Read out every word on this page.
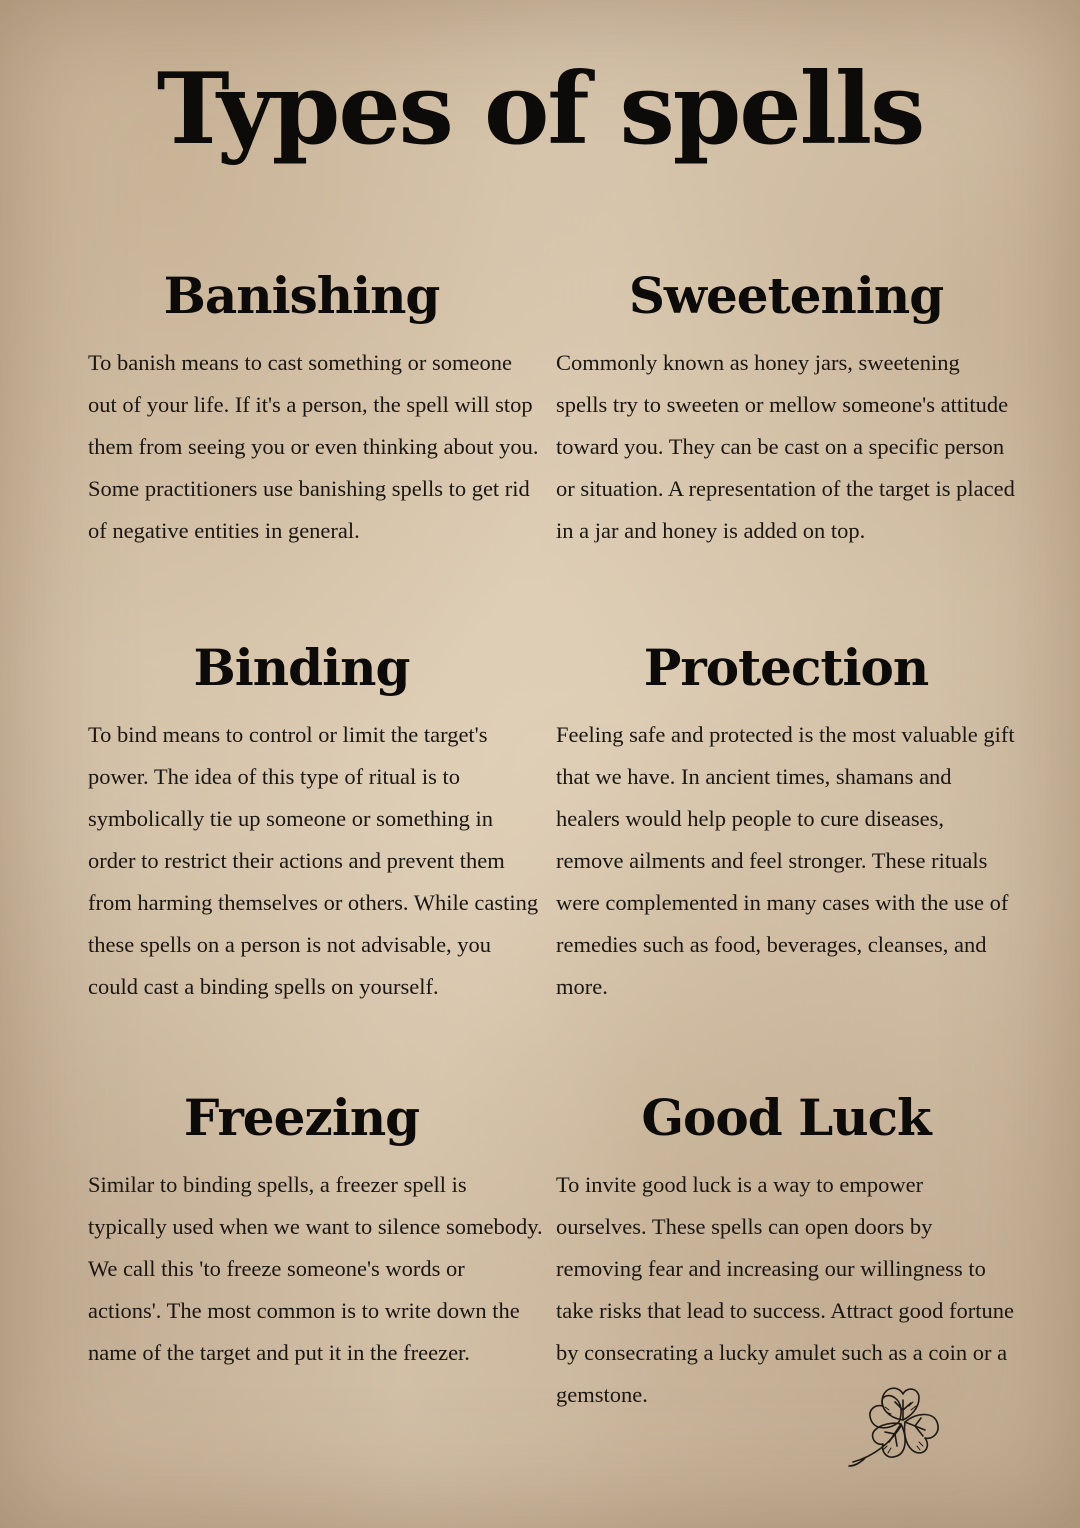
Types of spells
Banishing

To banish means to cast something or someone out of your life. If it's a person, the spell will stop them from seeing you or even thinking about you. Some practitioners use banishing spells to get rid of negative entities in general.

Sweetening

Commonly known as honey jars, sweetening spells try to sweeten or mellow someone's attitude toward you. They can be cast on a specific person or situation. A representation of the target is placed in a jar and honey is added on top.

Binding

To bind means to control or limit the target's power. The idea of this type of ritual is to symbolically tie up someone or something in order to restrict their actions and prevent them from harming themselves or others. While casting these spells on a person is not advisable, you could cast a binding spells on yourself.

Protection

Feeling safe and protected is the most valuable gift that we have. In ancient times, shamans and healers would help people to cure diseases, remove ailments and feel stronger. These rituals were complemented in many cases with the use of remedies such as food, beverages, cleanses, and more.

Freezing

Similar to binding spells, a freezer spell is typically used when we want to silence somebody. We call this 'to freeze someone's words or actions'. The most common is to write down the name of the target and put it in the freezer.

Good Luck

To invite good luck is a way to empower ourselves. These spells can open doors by removing fear and increasing our willingness to take risks that lead to success. Attract good fortune by consecrating a lucky amulet such as a coin or a gemstone.
